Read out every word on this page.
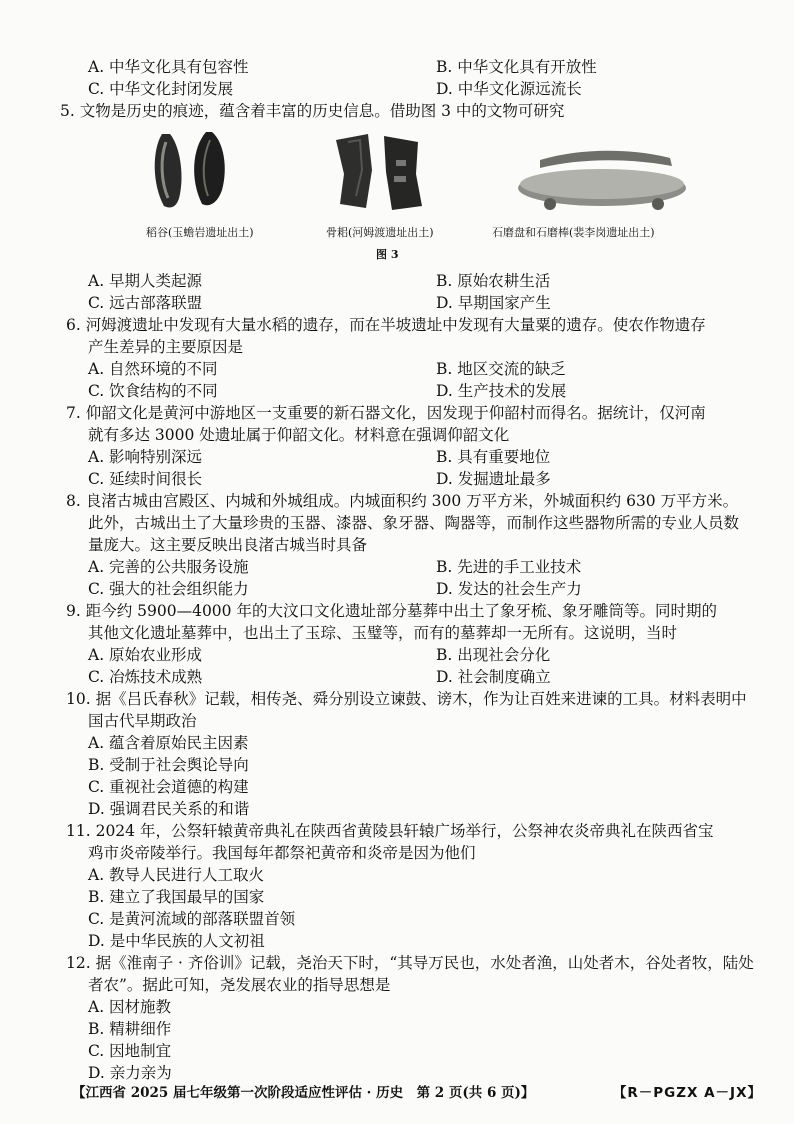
A. 中华文化具有包容性	B. 中华文化具有开放性
C. 中华文化封闭发展	D. 中华文化源远流长
5. 文物是历史的痕迹，蕴含着丰富的历史信息。借助图 3 中的文物可研究
稻谷(玉蟾岩遗址出土)	骨耜(河姆渡遗址出土)	石磨盘和石磨棒(裴李岗遗址出土)
图 3
A. 早期人类起源	B. 原始农耕生活
C. 远古部落联盟	D. 早期国家产生
6. 河姆渡遗址中发现有大量水稻的遗存，而在半坡遗址中发现有大量粟的遗存。使农作物遗存
产生差异的主要原因是
A. 自然环境的不同	B. 地区交流的缺乏
C. 饮食结构的不同	D. 生产技术的发展
7. 仰韶文化是黄河中游地区一支重要的新石器文化，因发现于仰韶村而得名。据统计，仅河南
就有多达 3000 处遗址属于仰韶文化。材料意在强调仰韶文化
A. 影响特别深远	B. 具有重要地位
C. 延续时间很长	D. 发掘遗址最多
8. 良渚古城由宫殿区、内城和外城组成。内城面积约 300 万平方米，外城面积约 630 万平方米。
此外，古城出土了大量珍贵的玉器、漆器、象牙器、陶器等，而制作这些器物所需的专业人员数
量庞大。这主要反映出良渚古城当时具备
A. 完善的公共服务设施	B. 先进的手工业技术
C. 强大的社会组织能力	D. 发达的社会生产力
9. 距今约 5900—4000 年的大汶口文化遗址部分墓葬中出土了象牙梳、象牙雕筒等。同时期的
其他文化遗址墓葬中，也出土了玉琮、玉璧等，而有的墓葬却一无所有。这说明，当时
A. 原始农业形成	B. 出现社会分化
C. 冶炼技术成熟	D. 社会制度确立
10. 据《吕氏春秋》记载，相传尧、舜分别设立谏鼓、谤木，作为让百姓来进谏的工具。材料表明中
国古代早期政治
A. 蕴含着原始民主因素
B. 受制于社会舆论导向
C. 重视社会道德的构建
D. 强调君民关系的和谐
11. 2024 年，公祭轩辕黄帝典礼在陕西省黄陵县轩辕广场举行，公祭神农炎帝典礼在陕西省宝
鸡市炎帝陵举行。我国每年都祭祀黄帝和炎帝是因为他们
A. 教导人民进行人工取火
B. 建立了我国最早的国家
C. 是黄河流域的部落联盟首领
D. 是中华民族的人文初祖
12. 据《淮南子 · 齐俗训》记载，尧治天下时，“其导万民也，水处者渔，山处者木，谷处者牧，陆处
者农”。据此可知，尧发展农业的指导思想是
A. 因材施教
B. 精耕细作
C. 因地制宜
D. 亲力亲为
【江西省 2025 届七年级第一次阶段适应性评估 · 历史　第 2 页(共 6 页)】	【R－PGZX A－JX】
